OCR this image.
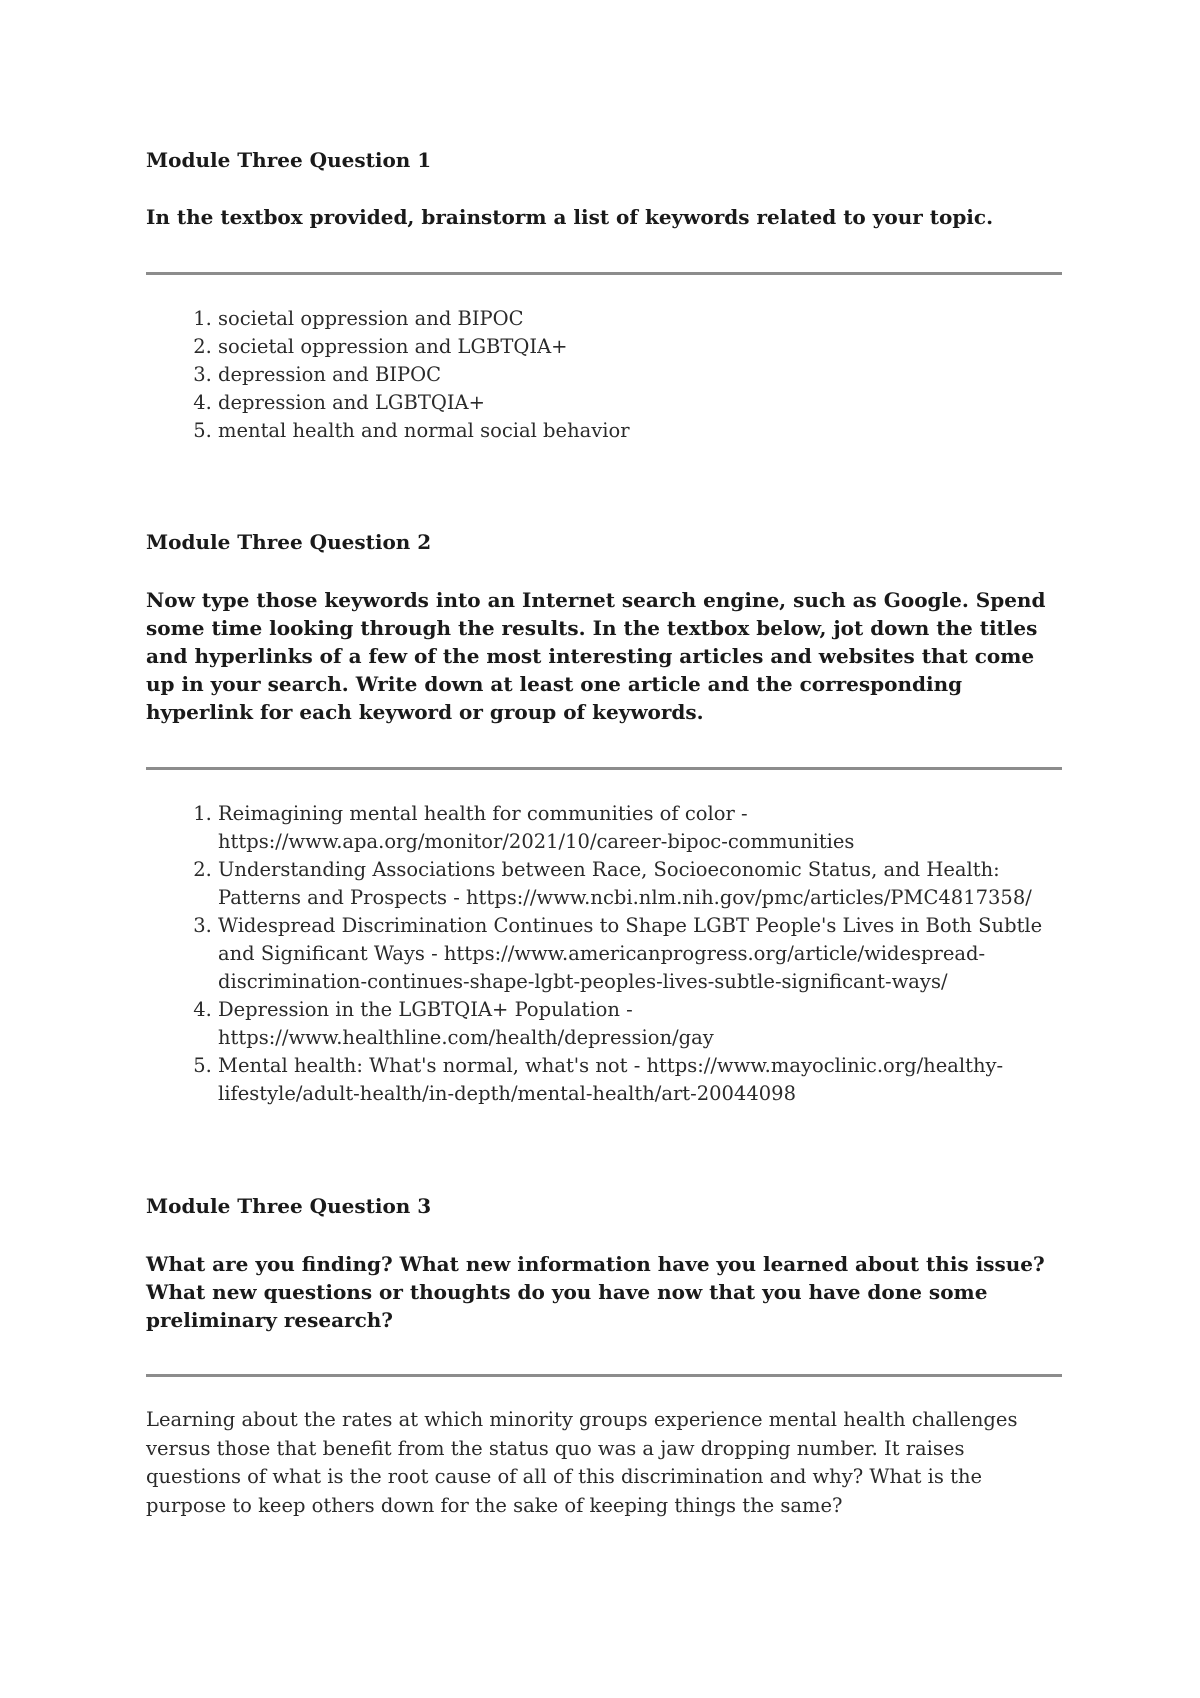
Module Three Question 1

In the textbox provided, brainstorm a list of keywords related to your topic.

1. societal oppression and BIPOC
2. societal oppression and LGBTQIA+
3. depression and BIPOC
4. depression and LGBTQIA+
5. mental health and normal social behavior

Module Three Question 2

Now type those keywords into an Internet search engine, such as Google. Spend some time looking through the results. In the textbox below, jot down the titles and hyperlinks of a few of the most interesting articles and websites that come up in your search. Write down at least one article and the corresponding hyperlink for each keyword or group of keywords.

1. Reimagining mental health for communities of color - https://www.apa.org/monitor/2021/10/career-bipoc-communities
2. Understanding Associations between Race, Socioeconomic Status, and Health: Patterns and Prospects - https://www.ncbi.nlm.nih.gov/pmc/articles/PMC4817358/
3. Widespread Discrimination Continues to Shape LGBT People's Lives in Both Subtle and Significant Ways - https://www.americanprogress.org/article/widespread-discrimination-continues-shape-lgbt-peoples-lives-subtle-significant-ways/
4. Depression in the LGBTQIA+ Population - https://www.healthline.com/health/depression/gay
5. Mental health: What's normal, what's not - https://www.mayoclinic.org/healthy-lifestyle/adult-health/in-depth/mental-health/art-20044098

Module Three Question 3

What are you finding? What new information have you learned about this issue? What new questions or thoughts do you have now that you have done some preliminary research?

Learning about the rates at which minority groups experience mental health challenges versus those that benefit from the status quo was a jaw dropping number. It raises questions of what is the root cause of all of this discrimination and why? What is the purpose to keep others down for the sake of keeping things the same?
